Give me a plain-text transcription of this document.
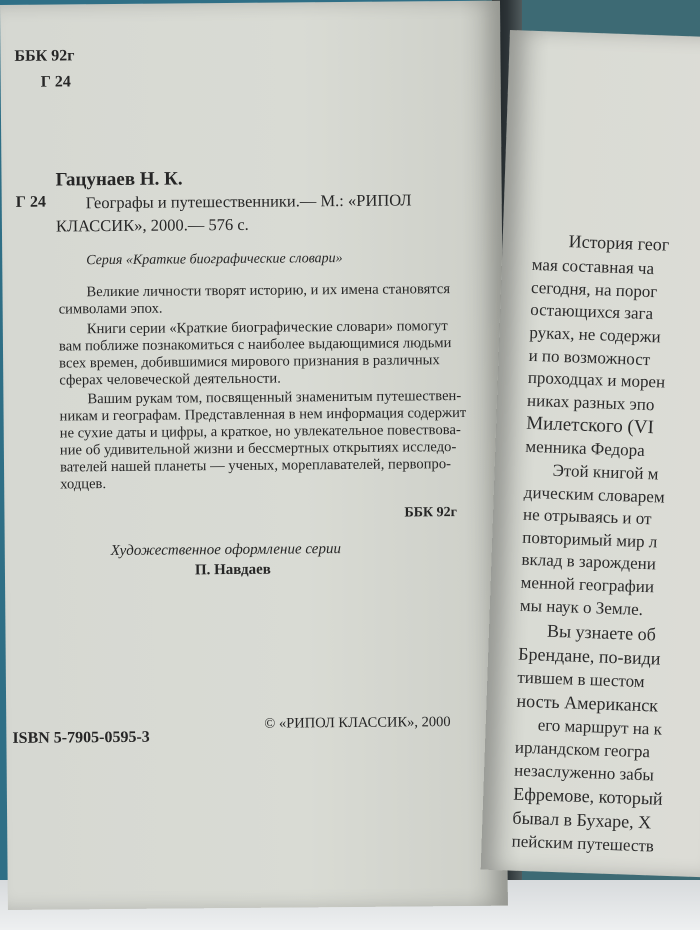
ББК 92г
Г 24
Гацунаев Н. К.
Г 24 Географы и путешественники.— М.: «РИПОЛ
КЛАССИК», 2000.— 576 с.
Серия «Краткие биографические словари»
Великие личности творят историю, и их имена становятся
символами эпох.
Книги серии «Краткие биографические словари» помогут
вам поближе познакомиться с наиболее выдающимися людьми
всех времен, добившимися мирового признания в различных
сферах человеческой деятельности.
Вашим рукам том, посвященный знаменитым путешествен-
никам и географам. Представленная в нем информация содержит
не сухие даты и цифры, а краткое, но увлекательное повествова-
ние об удивительной жизни и бессмертных открытиях исследо-
вателей нашей планеты — ученых, мореплавателей, первопро-
ходцев.
ББК 92г
Художественное оформление серии
П. Навдаев
ISBN 5-7905-0595-3
© «РИПОЛ КЛАССИК», 2000
История геог
мая составная ча
сегодня, на порог
остающихся зага
руках, не содержи
и по возможност
проходцах и морен
никах разных эпо
Милетского (VI
менника Федора
Этой книгой м
дическим словарем
не отрываясь и от
повторимый мир л
вклад в зарождени
менной географии
мы наук о Земле.
Вы узнаете об
Брендане, по-види
тившем в шестом
ность Американск
его маршрут на к
ирландском геогра
незаслуженно забы
Ефремове, который
бывал в Бухаре, Х
пейским путешеств
